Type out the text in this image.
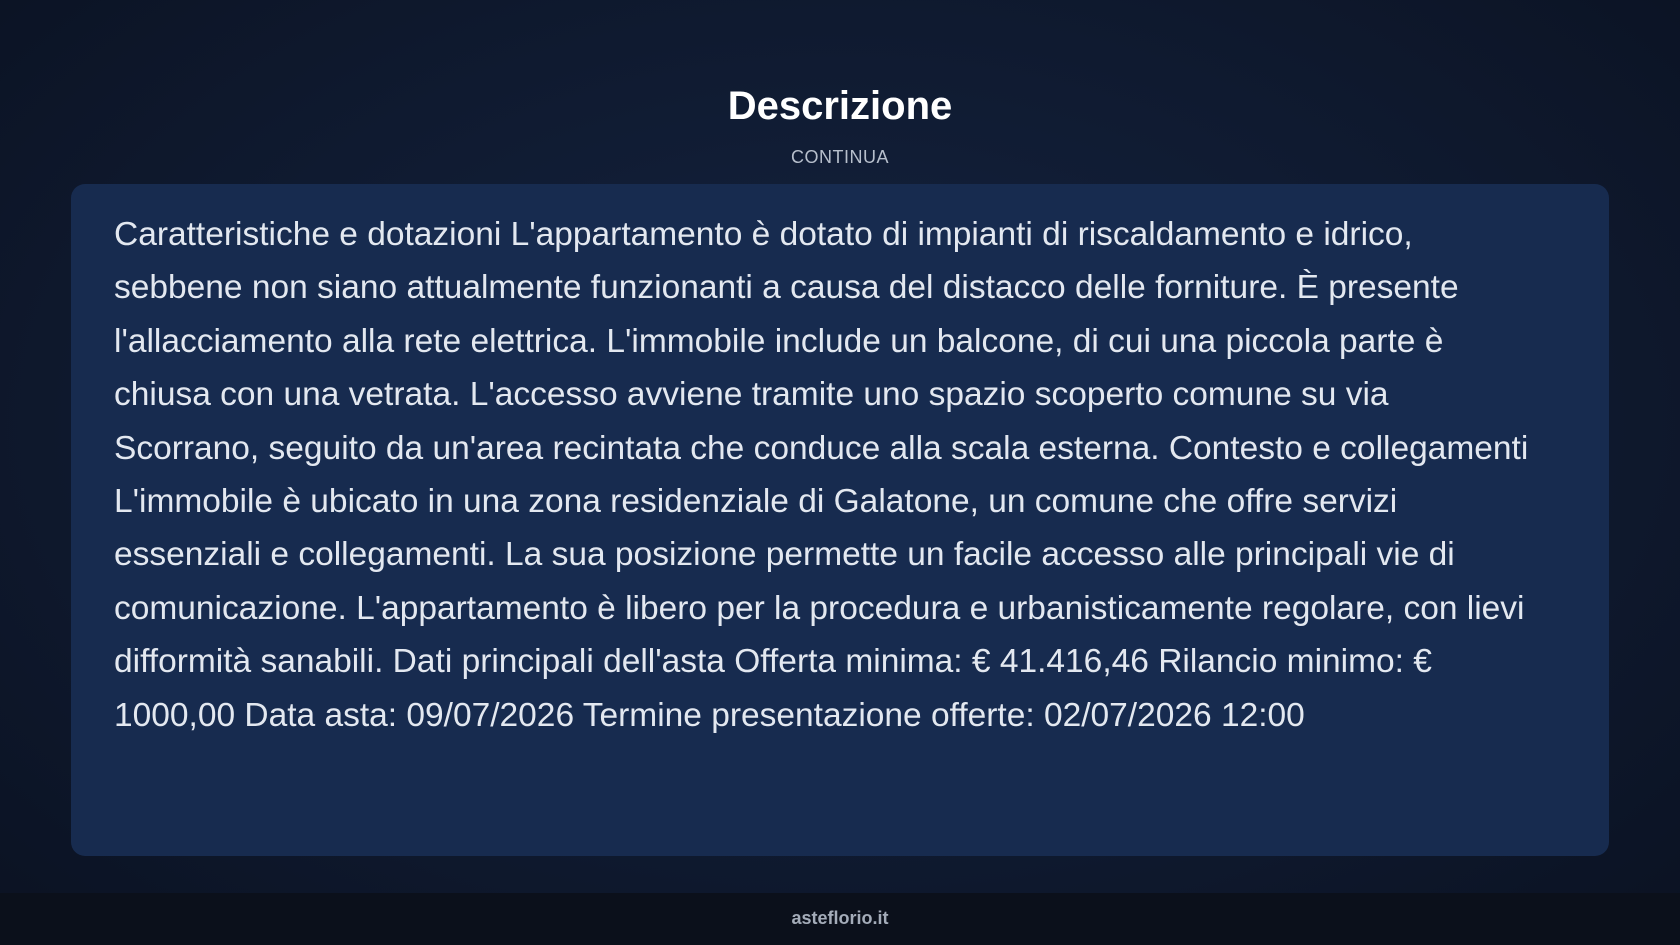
Descrizione
CONTINUA

Caratteristiche e dotazioni L'appartamento è dotato di impianti di riscaldamento e idrico, sebbene non siano attualmente funzionanti a causa del distacco delle forniture. È presente l'allacciamento alla rete elettrica. L'immobile include un balcone, di cui una piccola parte è chiusa con una vetrata. L'accesso avviene tramite uno spazio scoperto comune su via Scorrano, seguito da un'area recintata che conduce alla scala esterna. Contesto e collegamenti L'immobile è ubicato in una zona residenziale di Galatone, un comune che offre servizi essenziali e collegamenti. La sua posizione permette un facile accesso alle principali vie di comunicazione. L'appartamento è libero per la procedura e urbanisticamente regolare, con lievi difformità sanabili. Dati principali dell'asta Offerta minima: € 41.416,46 Rilancio minimo: € 1000,00 Data asta: 09/07/2026 Termine presentazione offerte: 02/07/2026 12:00

asteflorio.it
